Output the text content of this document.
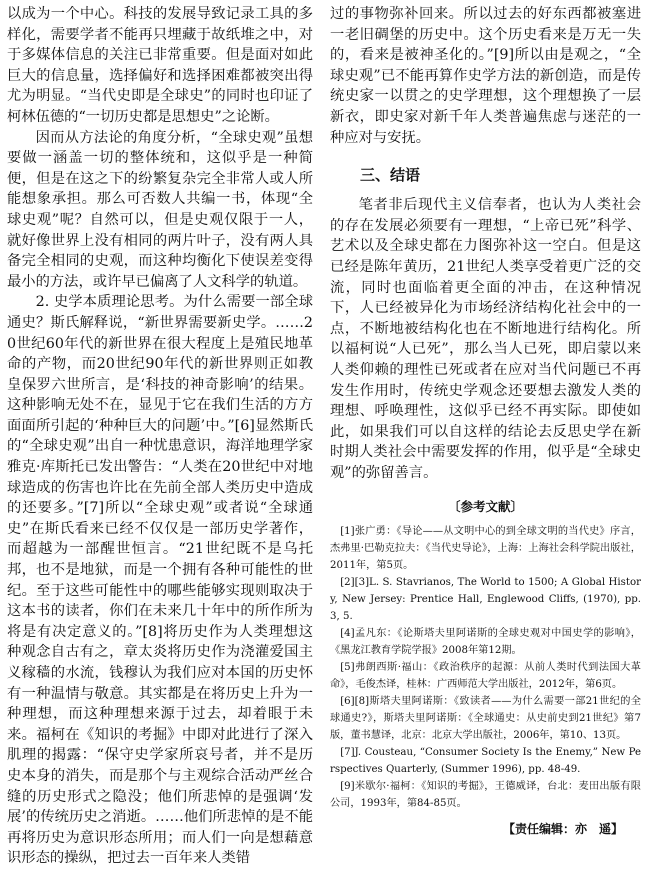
以成为一个中心。科技的发展导致记录工具的多样化，需要学者不能再只埋藏于故纸堆之中，对于多媒体信息的关注已非常重要。但是面对如此巨大的信息量，选择偏好和选择困难都被突出得尤为明显。“当代史即是全球史”的同时也印证了柯林伍德的“一切历史都是思想史”之论断。

因而从方法论的角度分析，“全球史观”虽想要做一涵盖一切的整体统和，这似乎是一种简便，但是在这之下的纷繁复杂完全非常人或人所能想象承担。那么可否数人共编一书，体现“全球史观”呢？自然可以，但是史观仅限于一人，就好像世界上没有相同的两片叶子，没有两人具备完全相同的史观，而这种均衡化下使误差变得最小的方法，或许早已偏离了人文科学的轨道。

2. 史学本质理论思考。为什么需要一部全球通史？斯氏解释说，“新世界需要新史学。……20世纪60年代的新世界在很大程度上是殖民地革命的产物，而20世纪90年代的新世界则正如教皇保罗六世所言，是‘科技的神奇影响’的结果。这种影响无处不在，显见于它在我们生活的方方面面所引起的‘种种巨大的问题’中。”[6]显然斯氏的“全球史观”出自一种忧患意识，海洋地理学家雅克·库斯托已发出警告：“人类在20世纪中对地球造成的伤害也许比在先前全部人类历史中造成的还要多。”[7]所以“全球史观”或者说“全球通史”在斯氏看来已经不仅仅是一部历史学著作，而超越为一部醒世恒言。“21世纪既不是乌托邦，也不是地狱，而是一个拥有各种可能性的世纪。至于这些可能性中的哪些能够实现则取决于这本书的读者，你们在未来几十年中的所作所为将是有决定意义的。”[8]将历史作为人类理想这种观念自古有之，章太炎将历史作为浇灌爱国主义稼穑的水流，钱穆认为我们应对本国的历史怀有一种温情与敬意。其实都是在将历史上升为一种理想，而这种理想来源于过去，却着眼于未来。福柯在《知识的考掘》中即对此进行了深入肌理的揭露：“保守史学家所哀号者，并不是历史本身的消失，而是那个与主观综合活动严丝合缝的历史形式之隐没；他们所悲悼的是强调‘发展’的传统历史之消逝。……他们所悲悼的是不能再将历史为意识形态所用；而人们一向是想藉意识形态的操纵，把过去一百年来人类错

过的事物弥补回来。所以过去的好东西都被塞进一老旧碉堡的历史中。这个历史看来是万无一失的，看来是被神圣化的。”[9]所以由是观之，“全球史观”已不能再算作史学方法的新创造，而是传统史家一以贯之的史学理想，这个理想换了一层新衣，即史家对新千年人类普遍焦虑与迷茫的一种应对与安抚。

三、结语

笔者非后现代主义信奉者，也认为人类社会的存在发展必须要有一理想，“上帝已死”科学、艺术以及全球史都在力图弥补这一空白。但是这已经是陈年黄历，21世纪人类享受着更广泛的交流，同时也面临着更全面的冲击，在这种情况下，人已经被异化为市场经济结构化社会中的一点，不断地被结构化也在不断地进行结构化。所以福柯说“人已死”，那么当人已死，即启蒙以来人类仰赖的理性已死或者在应对当代问题已不再发生作用时，传统史学观念还要想去激发人类的理想、呼唤理性，这似乎已经不再实际。即使如此，如果我们可以自这样的结论去反思史学在新时期人类社会中需要发挥的作用，似乎是“全球史观”的弥留善言。

〔参考文献〕

[1]张广勇：《导论——从文明中心的到全球文明的当代史》序言，杰弗里·巴勒克拉夫：《当代史导论》，上海：上海社会科学院出版社，2011年，第5页。

[2][3]L. S. Stavrianos, The World to 1500; A Global History, New Jersey: Prentice Hall, Englewood Cliffs, (1970), pp. 3, 5.

[4]孟凡东：《论斯塔夫里阿诺斯的全球史观对中国史学的影响》，《黑龙江教育学院学报》2008年第12期。

[5]弗朗西斯·福山：《政治秩序的起源：从前人类时代到法国大革命》，毛俊杰译，桂林：广西师范大学出版社，2012年，第6页。

[6][8]斯塔夫里阿诺斯：《致读者——为什么需要一部21世纪的全球通史?》，斯塔夫里阿诺斯：《全球通史：从史前史到21世纪》第7版，董书慧译，北京：北京大学出版社，2006年，第10、13页。

[7]J. Cousteau, “Consumer Society Is the Enemy,” New Perspectives Quarterly, (Summer 1996), pp. 48-49.

[9]米歇尔·福柯：《知识的考掘》，王德威译，台北：麦田出版有限公司，1993年，第84-85页。

【责任编辑：亦　遥】
